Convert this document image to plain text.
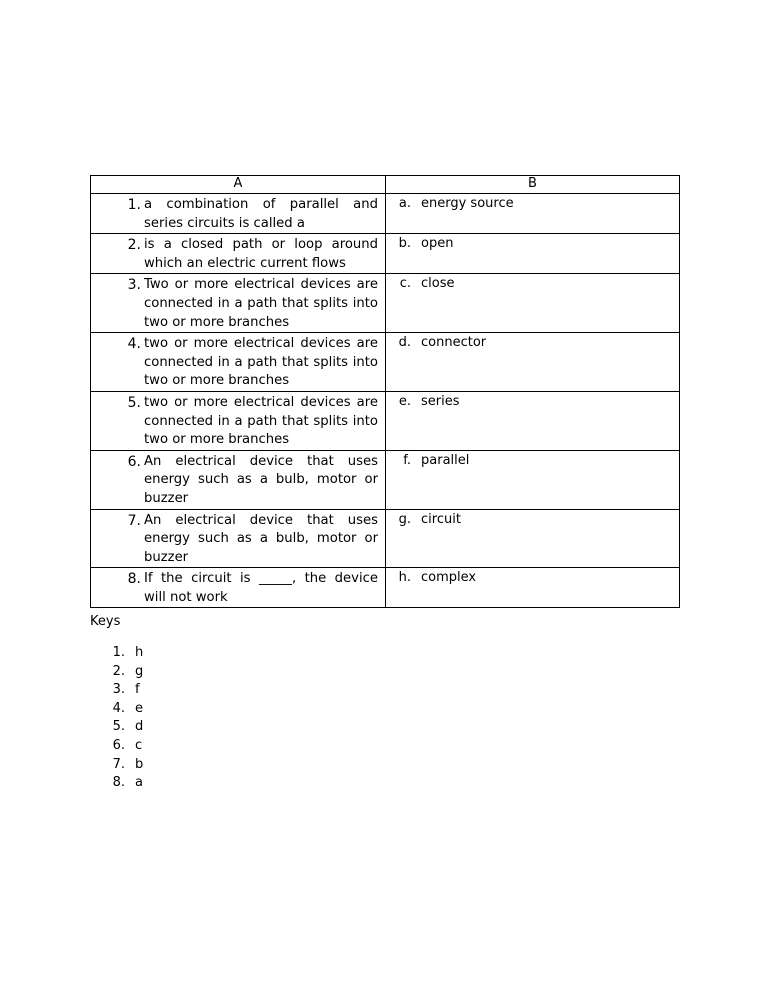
A	B

1. a combination of parallel and series circuits is called a	a. energy source

2. is a closed path or loop around which an electric current flows	b. open

3. Two or more electrical devices are connected in a path that splits into two or more branches	c. close

4. two or more electrical devices are connected in a path that splits into two or more branches	d. connector

5. two or more electrical devices are connected in a path that splits into two or more branches	e. series

6. An electrical device that uses energy such as a bulb, motor or buzzer	f. parallel

7. An electrical device that uses energy such as a bulb, motor or buzzer	g. circuit

8. If the circuit is _____, the device will not work	h. complex
Keys
1. h
2. g
3. f
4. e
5. d
6. c
7. b
8. a
